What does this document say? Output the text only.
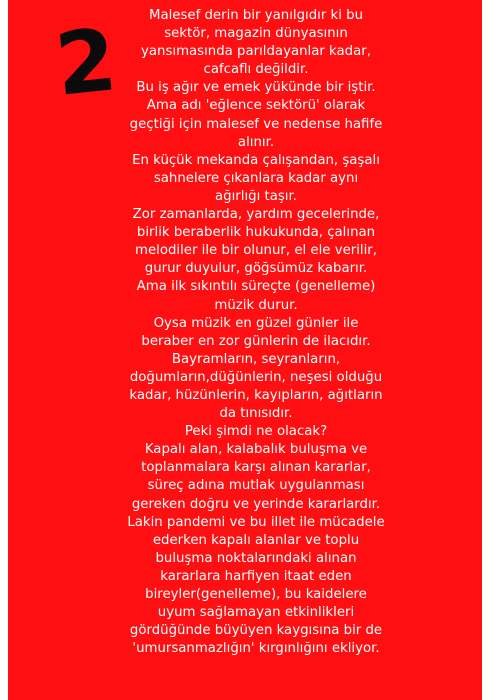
2	Malesef derin bir yanılgıdır ki bu
sektör, magazin dünyasının
yansımasında parıldayanlar kadar,
cafcaflı değildir.
Bu iş ağır ve emek yükünde bir iştir.
Ama adı 'eğlence sektörü' olarak
geçtiği için malesef ve nedense hafife
alınır.
En küçük mekanda çalışandan, şaşalı
sahnelere çıkanlara kadar aynı
ağırlığı taşır.
Zor zamanlarda, yardım gecelerinde,
birlik beraberlik hukukunda, çalınan
melodiler ile bir olunur, el ele verilir,
gurur duyulur, göğsümüz kabarır.
Ama ilk sıkıntılı süreçte (genelleme)
müzik durur.
Oysa müzik en güzel günler ile
beraber en zor günlerin de ilacıdır.
Bayramların, seyranların,
doğumların,düğünlerin, neşesi olduğu
kadar, hüzünlerin, kayıpların, ağıtların
da tınısıdır.
Peki şimdi ne olacak?
Kapalı alan, kalabalık buluşma ve
toplanmalara karşı alınan kararlar,
süreç adına mutlak uygulanması
gereken doğru ve yerinde kararlardır.
Lakin pandemi ve bu illet ile mücadele
ederken kapalı alanlar ve toplu
buluşma noktalarındaki alınan
kararlara harfiyen itaat eden
bireyler(genelleme), bu kaidelere
uyum sağlamayan etkinlikleri
gördüğünde büyüyen kaygısına bir de
'umursanmazlığın' kırgınlığını ekliyor.
